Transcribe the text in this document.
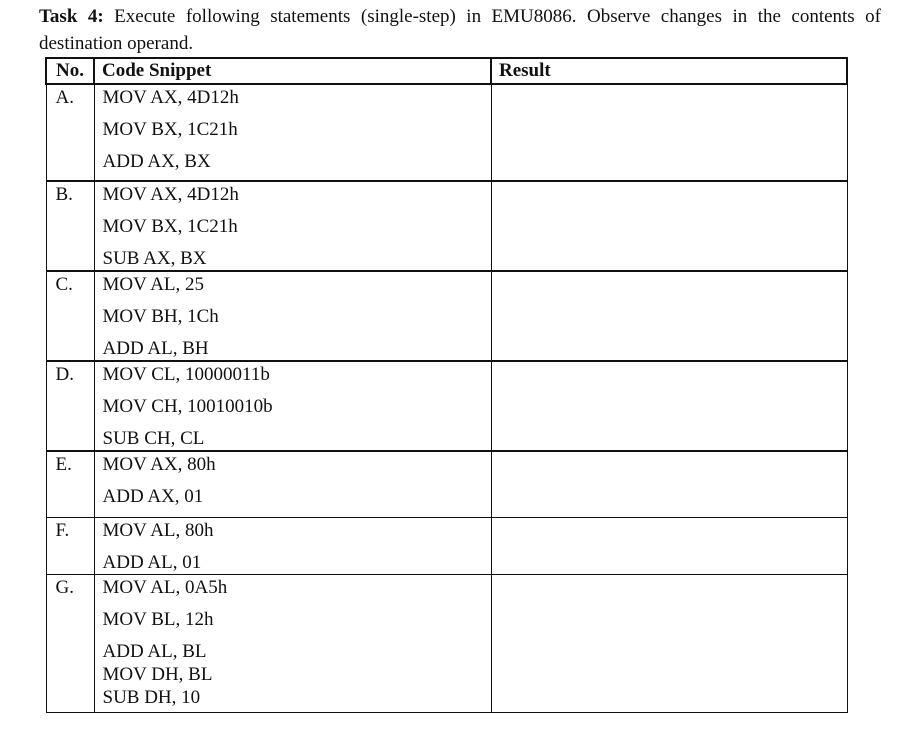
Task 4: Execute following statements (single-step) in EMU8086. Observe changes in the contents of destination operand.

No.	Code Snippet	Result
A.	MOV AX, 4D12h
MOV BX, 1C21h
ADD AX, BX	

B.	MOV AX, 4D12h
MOV BX, 1C21h
SUB AX, BX	

C.	MOV AL, 25
MOV BH, 1Ch
ADD AL, BH	

D.	MOV CL, 10000011b
MOV CH, 10010010b
SUB CH, CL	

E.	MOV AX, 80h
ADD AX, 01	

F.	MOV AL, 80h
ADD AL, 01	

G.	MOV AL, 0A5h
MOV BL, 12h
ADD AL, BL
MOV DH, BL
SUB DH, 10	
